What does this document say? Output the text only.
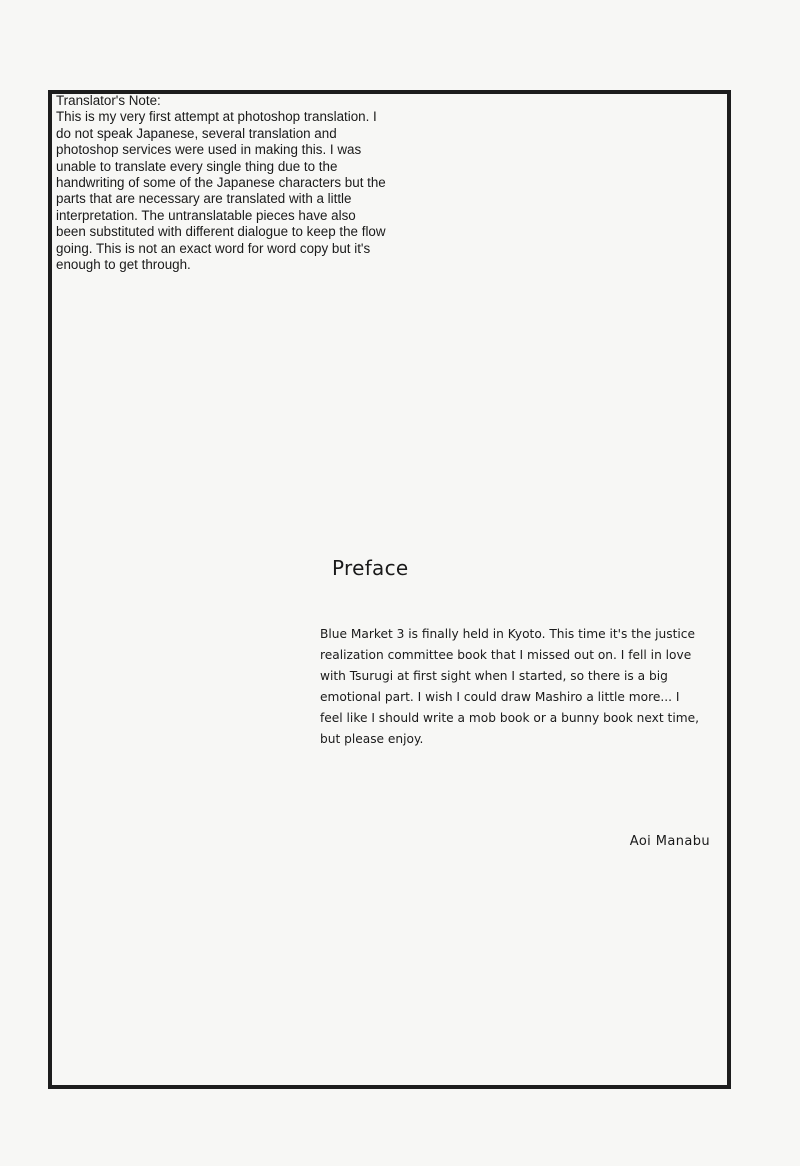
Translator's Note:
This is my very first attempt at photoshop translation. I do not speak Japanese, several translation and photoshop services were used in making this. I was unable to translate every single thing due to the handwriting of some of the Japanese characters but the parts that are necessary are translated with a little interpretation. The untranslatable pieces have also been substituted with different dialogue to keep the flow going. This is not an exact word for word copy but it's enough to get through.
Preface

Blue Market 3 is finally held in Kyoto. This time it's the justice realization committee book that I missed out on. I fell in love with Tsurugi at first sight when I started, so there is a big emotional part. I wish I could draw Mashiro a little more... I feel like I should write a mob book or a bunny book next time, but please enjoy.

Aoi Manabu
